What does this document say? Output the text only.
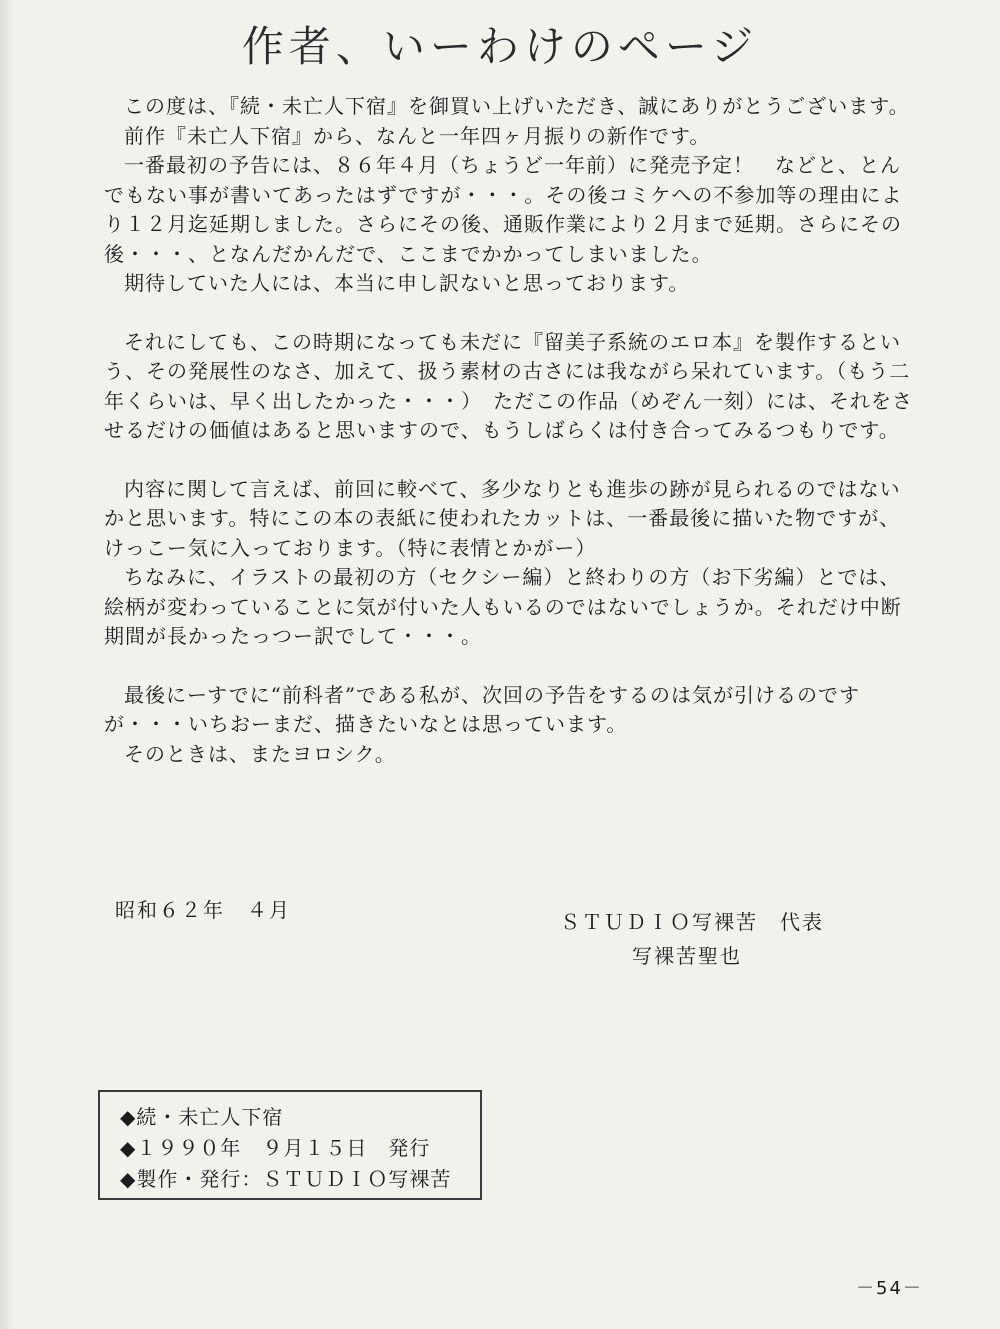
作者、いーわけのページ

この度は、『続・未亡人下宿』を御買い上げいただき、誠にありがとうございます。

前作『未亡人下宿』から、なんと一年四ヶ月振りの新作です。

一番最初の予告には、８６年４月（ちょうど一年前）に発売予定！　などと、とんでもない事が書いてあったはずですが・・・。その後コミケへの不参加等の理由により１２月迄延期しました。さらにその後、通販作業により２月まで延期。さらにその後・・・、となんだかんだで、ここまでかかってしまいました。

期待していた人には、本当に申し訳ないと思っております。

それにしても、この時期になっても未だに『留美子系統のエロ本』を製作するという、その発展性のなさ、加えて、扱う素材の古さには我ながら呆れています。（もう二年くらいは、早く出したかった・・・）　ただこの作品（めぞん一刻）には、それをさせるだけの価値はあると思いますので、もうしばらくは付き合ってみるつもりです。

内容に関して言えば、前回に較べて、多少なりとも進歩の跡が見られるのではないかと思います。特にこの本の表紙に使われたカットは、一番最後に描いた物ですが、けっこー気に入っております。（特に表情とかがー）

ちなみに、イラストの最初の方（セクシー編）と終わりの方（お下劣編）とでは、絵柄が変わっていることに気が付いた人もいるのではないでしょうか。それだけ中断期間が長かったっつー訳でして・・・。

最後にーすでに“前科者”である私が、次回の予告をするのは気が引けるのですが・・・いちおーまだ、描きたいなとは思っています。

そのときは、またヨロシク。

昭和６２年　４月	ＳＴＵＤＩＯ写裸苦　代表
写裸苦聖也
◆続・未亡人下宿
◆１９９０年　９月１５日　発行
◆製作・発行：ＳＴＵＤＩＯ写裸苦
－54－
